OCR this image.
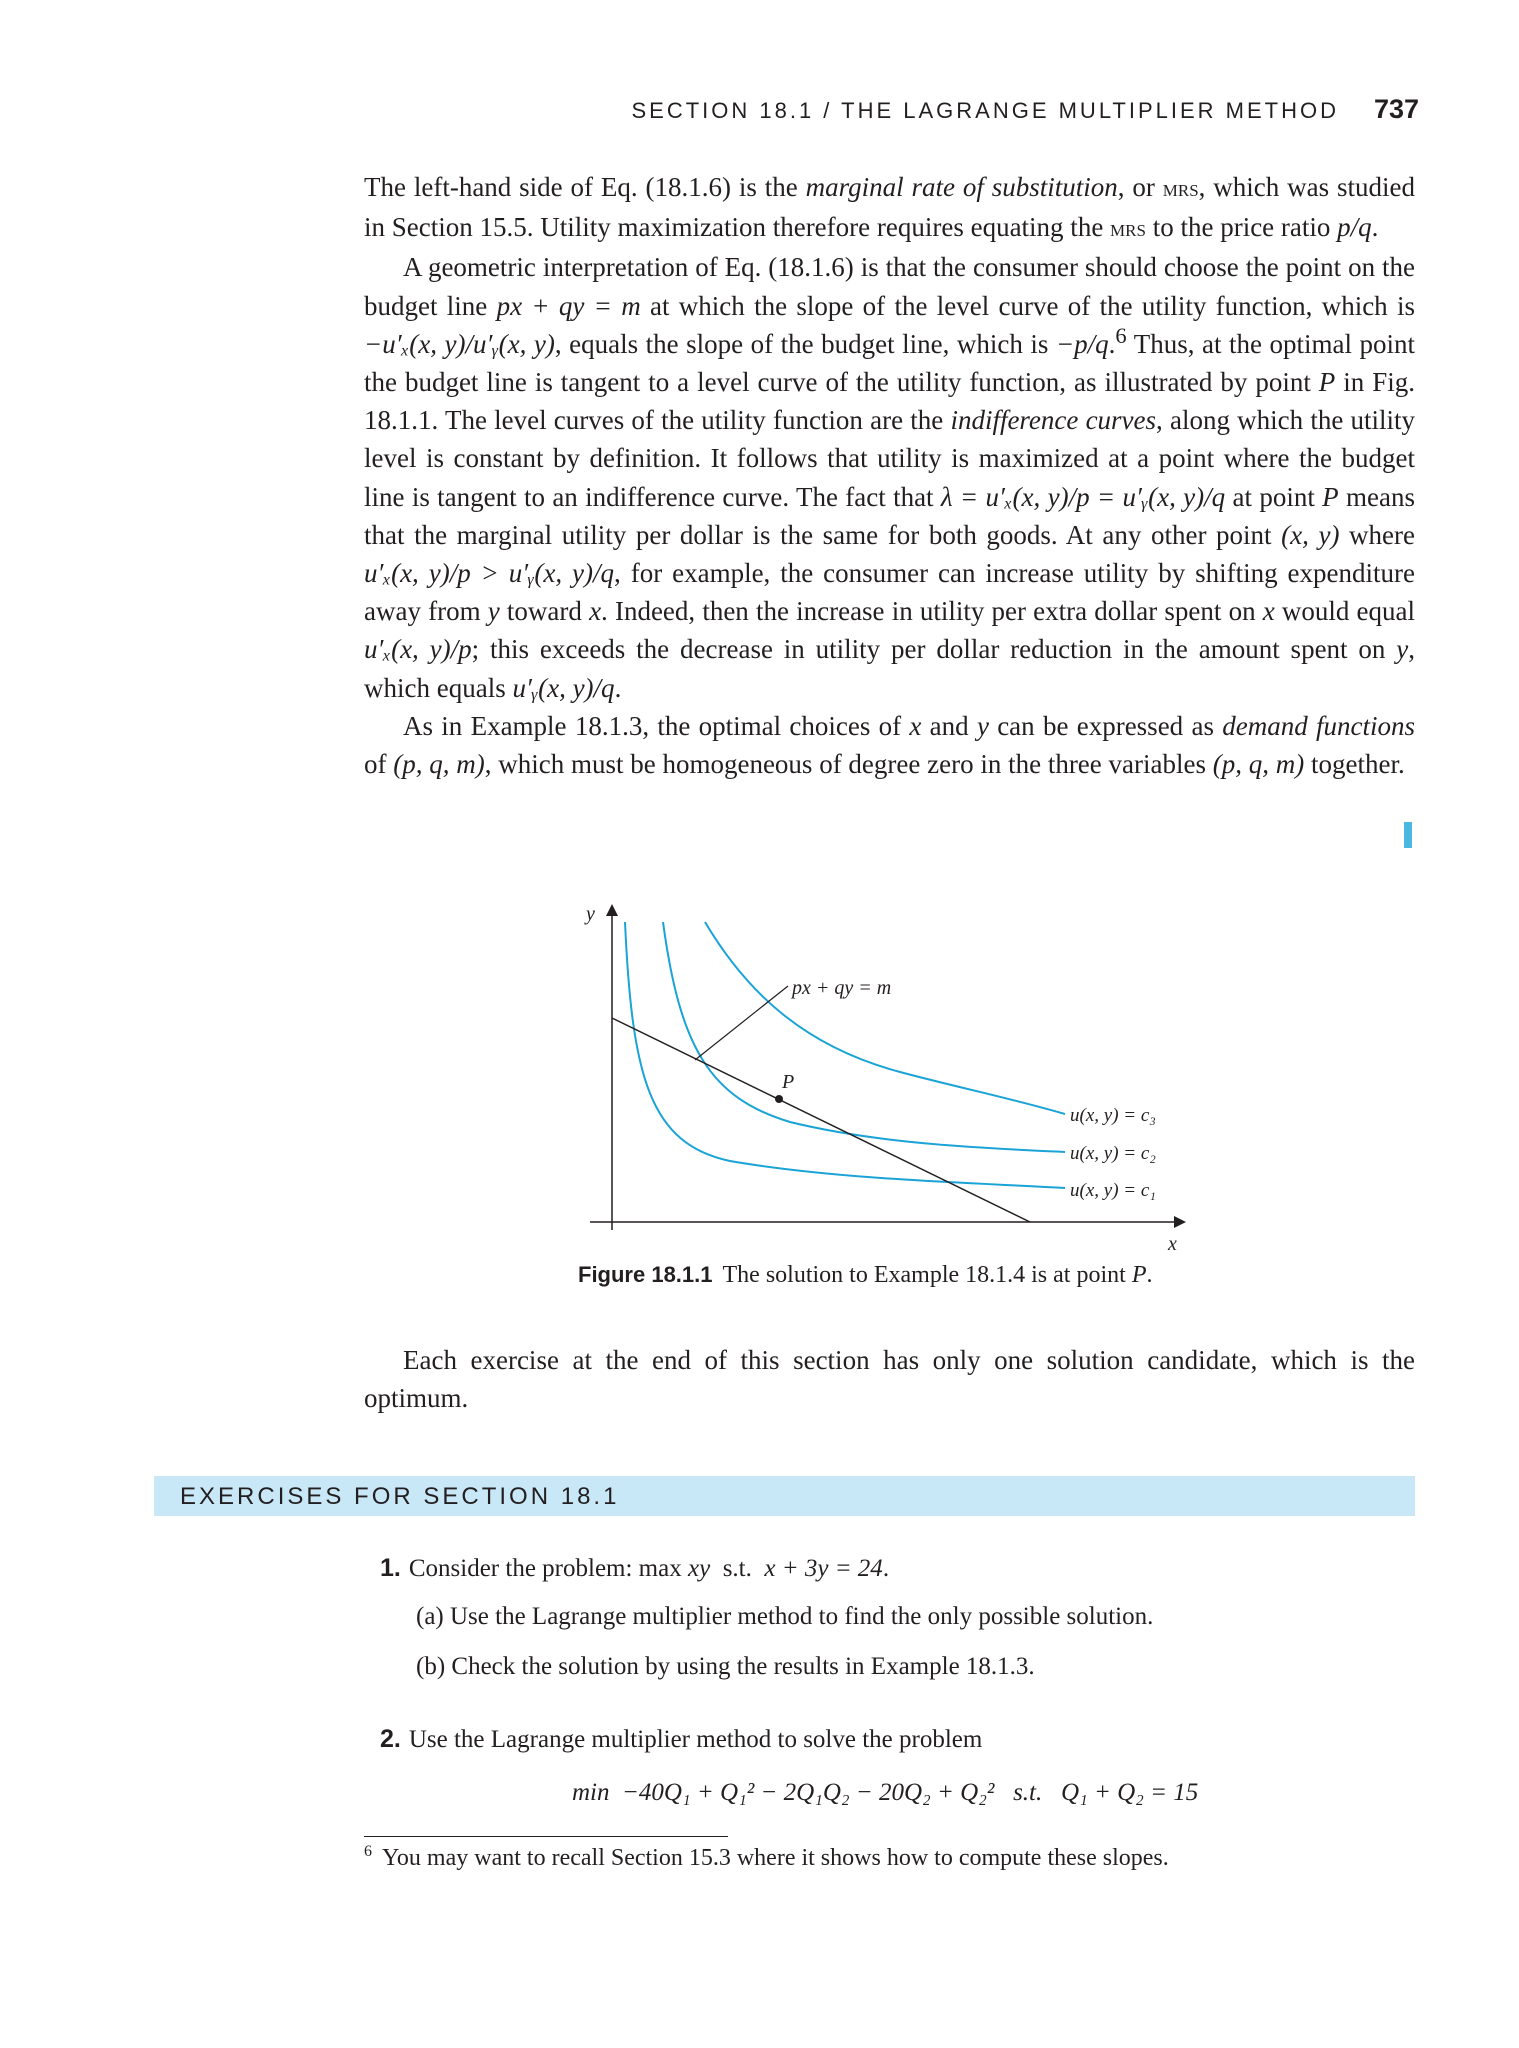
SECTION 18.1 / THE LAGRANGE MULTIPLIER METHOD 737

The left-hand side of Eq. (18.1.6) is the marginal rate of substitution, or mrs, which was studied in Section 15.5. Utility maximization therefore requires equating the mrs to the price ratio p/q.

A geometric interpretation of Eq. (18.1.6) is that the consumer should choose the point on the budget line px + qy = m at which the slope of the level curve of the utility function, which is −u′ₓ(x, y)/u′ᵧ(x, y), equals the slope of the budget line, which is −p/q.$^6$ Thus, at the optimal point the budget line is tangent to a level curve of the utility function, as illustrated by point P in Fig. 18.1.1. The level curves of the utility function are the indifference curves, along which the utility level is constant by definition. It follows that utility is maximized at a point where the budget line is tangent to an indifference curve. The fact that λ = u′ₓ(x, y)/p = u′ᵧ(x, y)/q at point P means that the marginal utility per dollar is the same for both goods. At any other point (x, y) where u′ₓ(x, y)/p > u′ᵧ(x, y)/q, for example, the consumer can increase utility by shifting expenditure away from y toward x. Indeed, then the increase in utility per extra dollar spent on x would equal u′ₓ(x, y)/p; this exceeds the decrease in utility per dollar reduction in the amount spent on y, which equals u′ᵧ(x, y)/q.

As in Example 18.1.3, the optimal choices of x and y can be expressed as demand functions of (p, q, m), which must be homogeneous of degree zero in the three variables (p, q, m) together.

y
x
P
px + qy = m
u(x, y) = c₃
u(x, y) = c₂
u(x, y) = c₁
Figure 18.1.1 The solution to Example 18.1.4 is at point P.

Each exercise at the end of this section has only one solution candidate, which is the optimum.

EXERCISES FOR SECTION 18.1
1. Consider the problem: max xy  s.t.  x + 3y = 24.
(a) Use the Lagrange multiplier method to find the only possible solution.
(b) Check the solution by using the results in Example 18.1.3.
2. Use the Lagrange multiplier method to solve the problem
min  −40Q₁ + Q₁² − 2Q₁Q₂ − 20Q₂ + Q₂²   s.t.   Q₁ + Q₂ = 15
$^6$ You may want to recall Section 15.3 where it shows how to compute these slopes.
